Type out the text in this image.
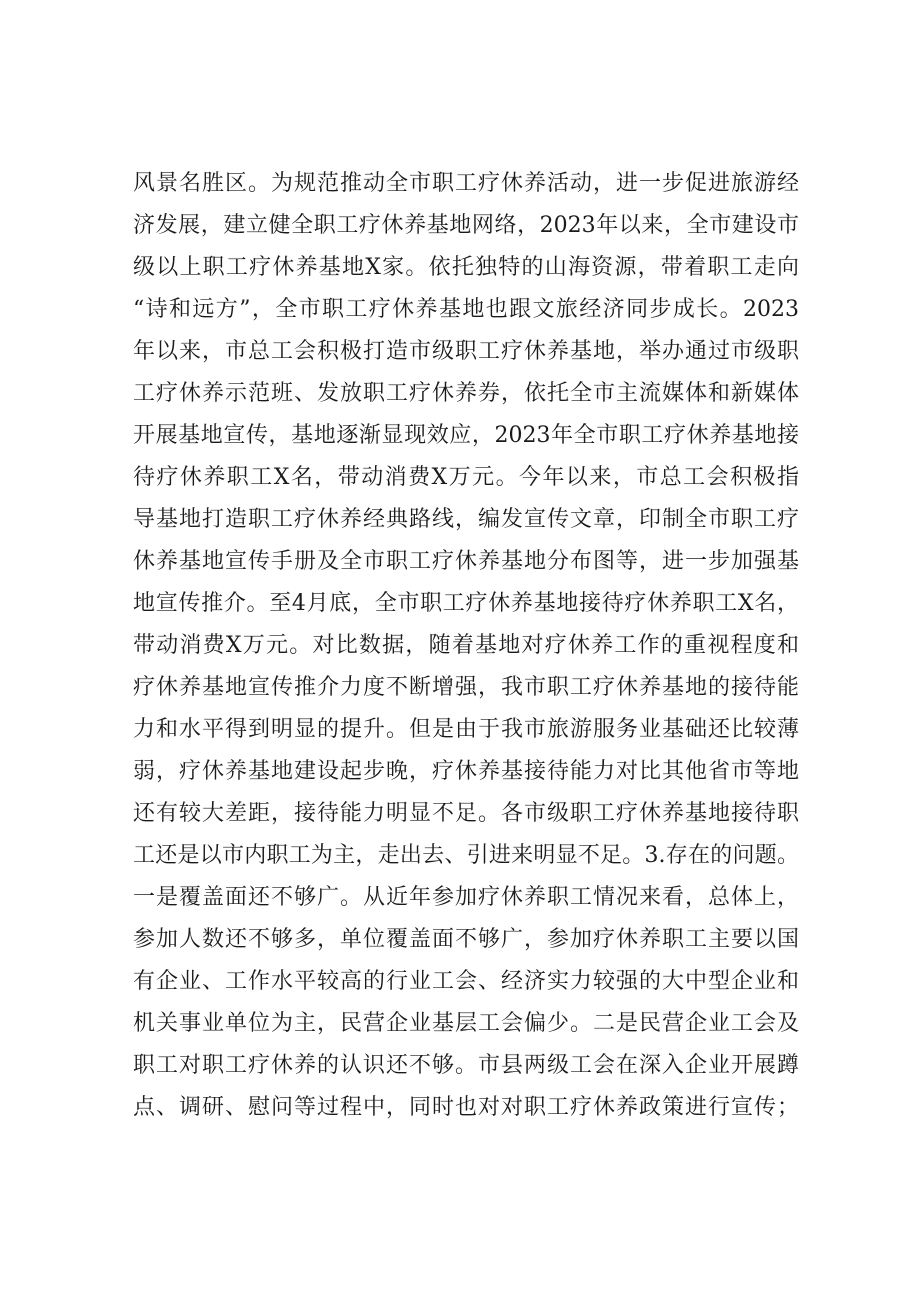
风景名胜区。为规范推动全市职工疗休养活动，进一步促进旅游经
济发展，建立健全职工疗休养基地网络，2023年以来，全市建设市
级以上职工疗休养基地X家。依托独特的山海资源，带着职工走向
“诗和远方”，全市职工疗休养基地也跟文旅经济同步成长。2023
年以来，市总工会积极打造市级职工疗休养基地，举办通过市级职
工疗休养示范班、发放职工疗休养券，依托全市主流媒体和新媒体
开展基地宣传，基地逐渐显现效应，2023年全市职工疗休养基地接
待疗休养职工X名，带动消费X万元。今年以来，市总工会积极指
导基地打造职工疗休养经典路线，编发宣传文章，印制全市职工疗
休养基地宣传手册及全市职工疗休养基地分布图等，进一步加强基
地宣传推介。至4月底，全市职工疗休养基地接待疗休养职工X名，
带动消费X万元。对比数据，随着基地对疗休养工作的重视程度和
疗休养基地宣传推介力度不断增强，我市职工疗休养基地的接待能
力和水平得到明显的提升。但是由于我市旅游服务业基础还比较薄
弱，疗休养基地建设起步晚，疗休养基接待能力对比其他省市等地
还有较大差距，接待能力明显不足。各市级职工疗休养基地接待职
工还是以市内职工为主，走出去、引进来明显不足。3.存在的问题。
一是覆盖面还不够广。从近年参加疗休养职工情况来看，总体上，
参加人数还不够多，单位覆盖面不够广，参加疗休养职工主要以国
有企业、工作水平较高的行业工会、经济实力较强的大中型企业和
机关事业单位为主，民营企业基层工会偏少。二是民营企业工会及
职工对职工疗休养的认识还不够。市县两级工会在深入企业开展蹲
点、调研、慰问等过程中，同时也对对职工疗休养政策进行宣传；
